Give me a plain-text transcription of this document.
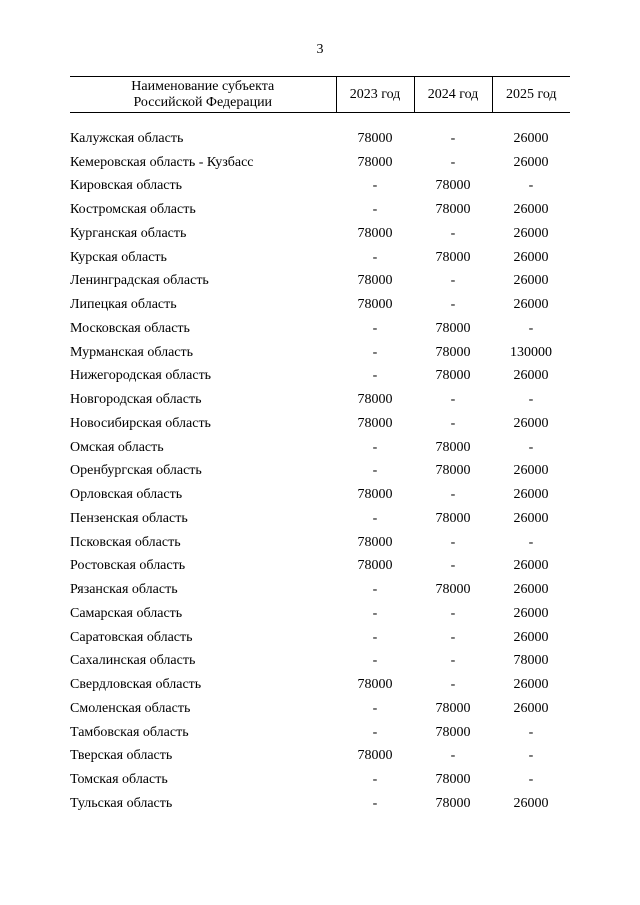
3
Наименование субъекта
Российской Федерации	2023 год	2024 год	2025 год

Калужская область	78000	-	26000
Кемеровская область - Кузбасс	78000	-	26000
Кировская область	-	78000	-
Костромская область	-	78000	26000
Курганская область	78000	-	26000
Курская область	-	78000	26000
Ленинградская область	78000	-	26000
Липецкая область	78000	-	26000
Московская область	-	78000	-
Мурманская область	-	78000	130000
Нижегородская область	-	78000	26000
Новгородская область	78000	-	-
Новосибирская область	78000	-	26000
Омская область	-	78000	-
Оренбургская область	-	78000	26000
Орловская область	78000	-	26000
Пензенская область	-	78000	26000
Псковская область	78000	-	-
Ростовская область	78000	-	26000
Рязанская область	-	78000	26000
Самарская область	-	-	26000
Саратовская область	-	-	26000
Сахалинская область	-	-	78000
Свердловская область	78000	-	26000
Смоленская область	-	78000	26000
Тамбовская область	-	78000	-
Тверская область	78000	-	-
Томская область	-	78000	-
Тульская область	-	78000	26000
